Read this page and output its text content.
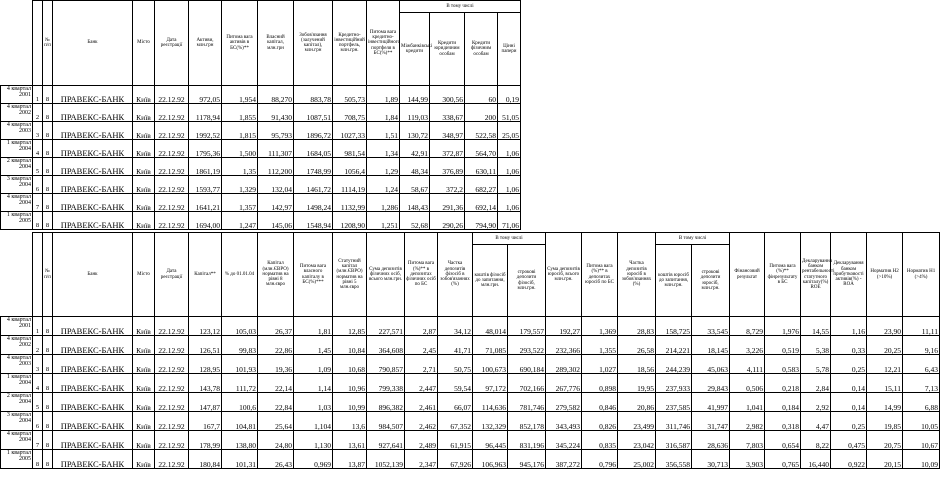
		№ п/п	Банк	Місто	Дата реєстрації	Активи, млн.грн	Питома вага активів в БС(%)**	Власний капітал, млн.грн	Зобов'язання (залучений капітал), млн.грн	Кредитно-інвестиційний портфель, млн.грн.	Питома вага кредитно-інвестиційного портфеля в БС(%)**	В тому числі			
												Міжбанківські кредити	Кредити юридичним особам	Кредити фізичним особам	Цінні папери
4 квартал 2001	1	8	ПРАВЕКС-БАНК	Київ	22.12.92	972,05	1,954	88,270	883,78	505,73	1,89	144,99	300,56	60	0,19
4 квартал 2002	2	8	ПРАВЕКС-БАНК	Київ	22.12.92	1178,94	1,855	91,430	1087,51	708,75	1,84	119,03	338,67	200	51,05
4 квартал 2003	3	8	ПРАВЕКС-БАНК	Київ	22.12.92	1992,52	1,815	95,793	1896,72	1027,33	1,51	130,72	348,97	522,58	25,05
1 квартал 2004	4	8	ПРАВЕКС-БАНК	Київ	22.12.92	1795,36	1,500	111,307	1684,05	981,54	1,34	42,91	372,87	564,70	1,06
2 квартал 2004	5	8	ПРАВЕКС-БАНК	Київ	22.12.92	1861,19	1,35	112,200	1748,99	1056,4	1,29	48,34	376,89	630,11	1,06
3 квартал 2004	6	8	ПРАВЕКС-БАНК	Київ	22.12.92	1593,77	1,329	132,04	1461,72	1114,19	1,24	58,67	372,2	682,27	1,06
4 квартал 2004	7	8	ПРАВЕКС-БАНК	Київ	22.12.92	1641,21	1,357	142,97	1498,24	1132,99	1,286	148,43	291,36	692,14	1,06
1 квартал 2005	8	8	ПРАВЕКС-БАНК	Київ	22.12.92	1694,00	1,247	145,06	1548,94	1208,90	1,251	52,68	290,26	794,90	71,06
		№ п/п	Банк	Місто	Дата реєстрації	Капітал**	% до 01.01.04	Капітал (млн.ЄВРО) норматив на рівні 8 млн.євро	Питома вага власного капіталу в БС(%)***	Статутний капітал (млн.ЄВРО) норматив на рівні 5 млн.євро	Сума депозитів фізичних осіб, всього млн.грн.	Питома вага (%)** в депозитах фізичних осіб по БС	Частка депозитів фізосіб в зобов'язаннях (%)	В тому числі		Сума депозитів юросіб, всього млн.грн.	Питома вага (%)** в депозитах юросіб по БС	Частка депозитів юросіб в зобов'язаннях (%)	В тому числі		Фінансовий результат	Питома вага (%)** фінрезультату в БС	Декларування банком рентабельності статутного капіталу(%) ROE	Декларування банком прибутковості активів(%) - ROA	Норматив Н2 (>10%)	Норматив Н1 (>4%)	
														коштів фізосіб до запитання, млн.грн.	строкові депозити фізосіб, млн.грн.				коштів юросіб до запитання, млн.грн.	строкові депозити юросіб, млн.грн.							
4 квартал 2001	1	8	ПРАВЕКС-БАНК	Київ	22.12.92	123,12	105,03	26,37	1,81	12,85	227,571	2,87	34,12	48,014	179,557	192,27	1,369	28,83	158,725	33,545	8,729	1,976	14,55	1,16	23,90	11,11	
4 квартал 2002	2	8	ПРАВЕКС-БАНК	Київ	22.12.92	126,51	99,83	22,86	1,45	10,84	364,608	2,45	41,71	71,085	293,522	232,366	1,355	26,58	214,221	18,145	3,226	0,519	5,38	0,33	20,25	9,16	
4 квартал 2003	3	8	ПРАВЕКС-БАНК	Київ	22.12.92	128,95	101,93	19,36	1,09	10,68	790,857	2,71	50,75	100,673	690,184	289,302	1,027	18,56	244,239	45,063	4,111	0,583	5,78	0,25	12,21	6,43	
1 квартал 2004	4	8	ПРАВЕКС-БАНК	Київ	22.12.92	143,78	111,72	22,14	1,14	10,96	799,338	2,447	59,54	97,172	702,166	267,776	0,898	19,95	237,933	29,843	0,506	0,218	2,84	0,14	15,11	7,13	
2 квартал 2004	5	8	ПРАВЕКС-БАНК	Київ	22.12.92	147,87	100,6	22,84	1,03	10,99	896,382	2,461	66,07	114,636	781,746	279,582	0,846	20,86	237,585	41,997	1,041	0,184	2,92	0,14	14,99	6,88	
3 квартал 2004	6	8	ПРАВЕКС-БАНК	Київ	22.12.92	167,7	104,81	25,64	1,104	13,6	984,507	2,462	67,352	132,329	852,178	343,493	0,826	23,499	311,746	31,747	2,982	0,318	4,47	0,25	19,85	10,05	
4 квартал 2004	7	8	ПРАВЕКС-БАНК	Київ	22.12.92	178,99	138,80	24,80	1,130	13,61	927,641	2,489	61,915	96,445	831,196	345,224	0,835	23,042	316,587	28,636	7,803	0,654	8,22	0,475	20,75	10,67	
1 квартал 2005	8	8	ПРАВЕКС-БАНК	Київ	22.12.92	180,84	101,31	26,43	0,969	13,87	1052,139	2,347	67,926	106,963	945,176	387,272	0,796	25,002	356,558	30,713	3,903	0,765	16,440	0,922	20,15	10,09	
